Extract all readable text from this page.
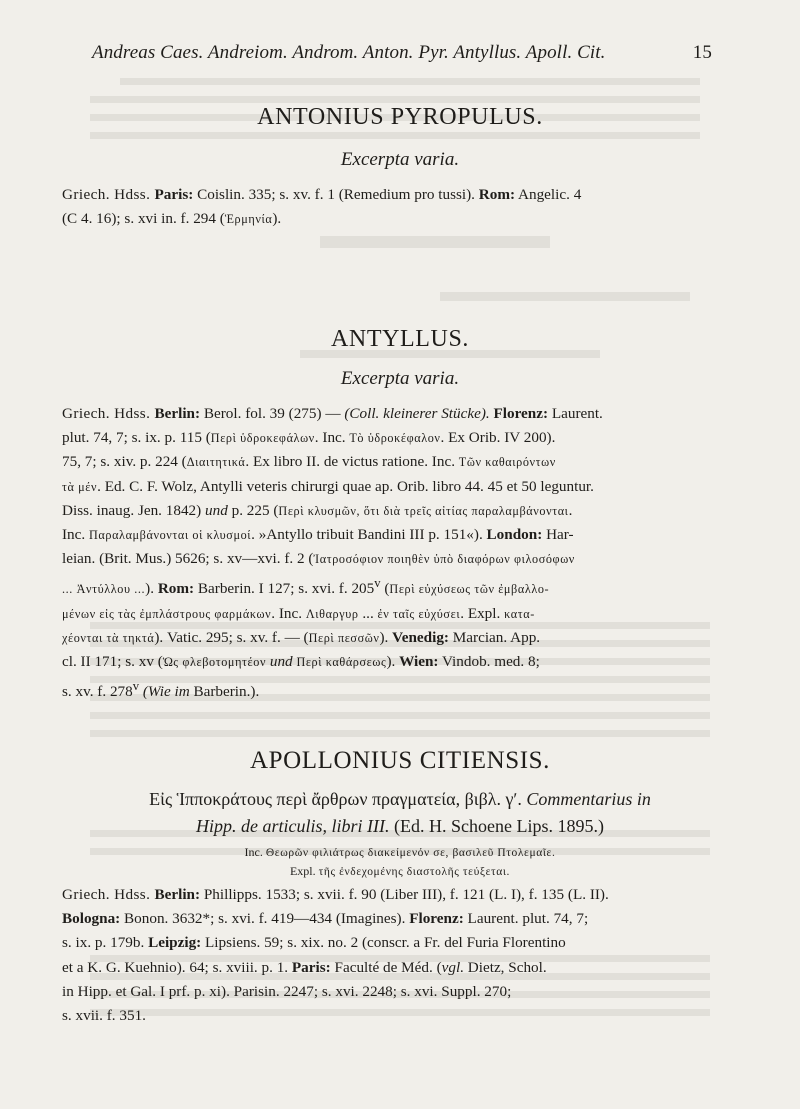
Andreas Caes. Andreiom. Androm. Anton. Pyr. Antyllus. Apoll. Cit.	15
ANTONIUS PYROPULUS.
Excerpta varia.
Griech. Hdss. Paris: Coislin. 335; s. xv. f. 1 (Remedium pro tussi). Rom: Angelic. 4
(C 4. 16); s. xvi in. f. 294 (Ἑρμηνία).
ANTYLLUS.
Excerpta varia.
Griech. Hdss. Berlin: Berol. fol. 39 (275) — (Coll. kleinerer Stücke). Florenz: Laurent.
plut. 74, 7; s. ix. p. 115 (Περὶ ὑδροκεφάλων. Inc. Τὸ ὑδροκέφαλον. Ex Orib. IV 200).
75, 7; s. xiv. p. 224 (Διαιτητικά. Ex libro II. de victus ratione. Inc. Τῶν καθαιρόντων
τὰ μέν. Ed. C. F. Wolz, Antylli veteris chirurgi quae ap. Orib. libro 44. 45 et 50 leguntur.
Diss. inaug. Jen. 1842) und p. 225 (Περὶ κλυσμῶν, ὅτι διὰ τρεῖς αἰτίας παραλαμβάνονται.
Inc. Παραλαμβάνονται οἱ κλυσμοί. »Antyllo tribuit Bandini III p. 151«). London: Har-
leian. (Brit. Mus.) 5626; s. xv—xvi. f. 2 (Ἰατροσόφιον ποιηθὲν ὑπὸ διαφόρων φιλοσόφων
... Ἀντύλλου ...). Rom: Barberin. I 127; s. xvi. f. 205$^v$ (Περὶ εὐχύσεως τῶν ἐμβαλλο-
μένων εἰς τὰς ἐμπλάστρους φαρμάκων. Inc. Λιθαργυρ ... ἐν ταῖς εὐχύσει. Expl. κατα-
χέονται τὰ τηκτά). Vatic. 295; s. xv. f. — (Περὶ πεσσῶν). Venedig: Marcian. App.
cl. II 171; s. xv (Ὡς φλεβοτομητέον und Περὶ καθάρσεως). Wien: Vindob. med. 8;
s. xv. f. 278$^v$ (Wie im Barberin.).
APOLLONIUS CITIENSIS.
Εἰς Ἱπποκράτους περὶ ἄρθρων πραγματεία, βιβλ. γʹ. Commentarius in
Hipp. de articulis, libri III. (Ed. H. Schoene Lips. 1895.)
Inc. Θεωρῶν φιλιάτρως διακείμενόν σε, βασιλεῦ Πτολεμαῖε.
Expl. τῆς ἐνδεχομένης διαστολῆς τεύξεται.
Griech. Hdss. Berlin: Phillipps. 1533; s. xvii. f. 90 (Liber III), f. 121 (L. I), f. 135 (L. II).
Bologna: Bonon. 3632*; s. xvi. f. 419—434 (Imagines). Florenz: Laurent. plut. 74, 7;
s. ix. p. 179b. Leipzig: Lipsiens. 59; s. xix. no. 2 (conscr. a Fr. del Furia Florentino
et a K. G. Kuehnio). 64; s. xviii. p. 1. Paris: Faculté de Méd. (vgl. Dietz, Schol.
in Hipp. et Gal. I prf. p. xi). Parisin. 2247; s. xvi. 2248; s. xvi. Suppl. 270;
s. xvii. f. 351.
